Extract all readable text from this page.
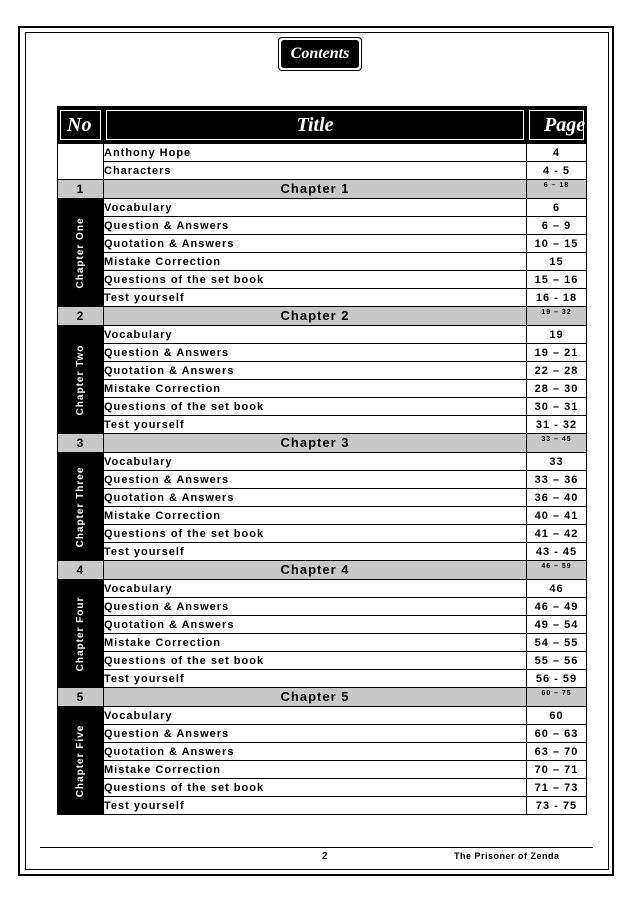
Contents
No	Title	Page

	Anthony Hope	4
	Characters	4 - 5
1	Chapter 1	6 – 18

Chapter One	Vocabulary	6
	Question & Answers	6 – 9
	Quotation & Answers	10 – 15
	Mistake Correction	15
	Questions of the set book	15 – 16
	Test yourself	16 - 18
2	Chapter 2	19 – 32

Chapter Two	Vocabulary	19
	Question & Answers	19 – 21
	Quotation & Answers	22 – 28
	Mistake Correction	28 – 30
	Questions of the set book	30 – 31
	Test yourself	31 - 32
3	Chapter 3	33 – 45

Chapter Three	Vocabulary	33
	Question & Answers	33 – 36
	Quotation & Answers	36 – 40
	Mistake Correction	40 – 41
	Questions of the set book	41 – 42
	Test yourself	43 - 45
4	Chapter 4	46 – 59

Chapter Four	Vocabulary	46
	Question & Answers	46 – 49
	Quotation & Answers	49 – 54
	Mistake Correction	54 – 55
	Questions of the set book	55 – 56
	Test yourself	56 - 59
5	Chapter 5	60 – 75

Chapter Five	Vocabulary	60
	Question & Answers	60 – 63
	Quotation & Answers	63 – 70
	Mistake Correction	70 – 71
	Questions of the set book	71 – 73
	Test yourself	73 - 75
2	The Prisoner of Zenda
